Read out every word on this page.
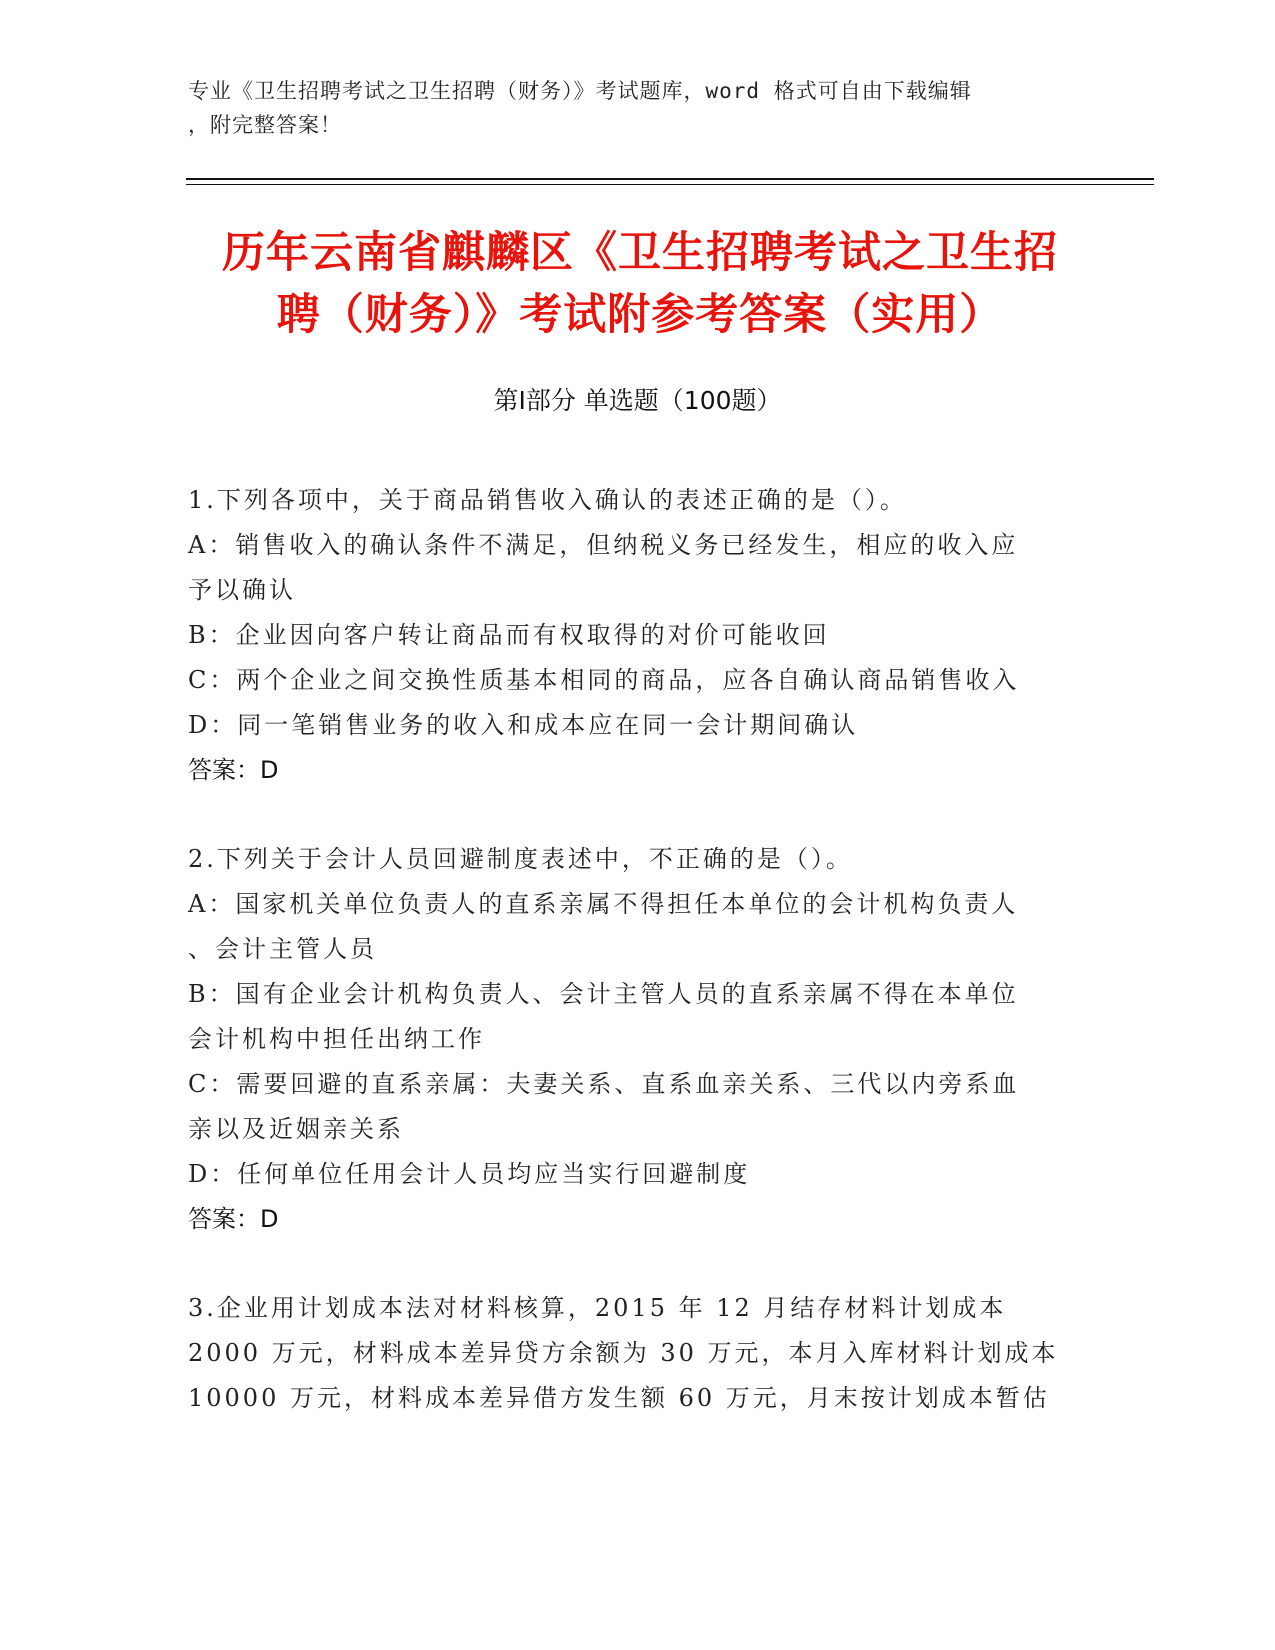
专业《卫生招聘考试之卫生招聘（财务）》考试题库，word 格式可自由下载编辑
，附完整答案！
历年云南省麒麟区《卫生招聘考试之卫生招
聘（财务）》考试附参考答案（实用）
第Ⅰ部分 单选题（100题）
1.下列各项中，关于商品销售收入确认的表述正确的是（）。
A：销售收入的确认条件不满足，但纳税义务已经发生，相应的收入应
予以确认
B：企业因向客户转让商品而有权取得的对价可能收回
C：两个企业之间交换性质基本相同的商品，应各自确认商品销售收入
D：同一笔销售业务的收入和成本应在同一会计期间确认
答案：D
2.下列关于会计人员回避制度表述中，不正确的是（）。
A：国家机关单位负责人的直系亲属不得担任本单位的会计机构负责人
、会计主管人员
B：国有企业会计机构负责人、会计主管人员的直系亲属不得在本单位
会计机构中担任出纳工作
C：需要回避的直系亲属：夫妻关系、直系血亲关系、三代以内旁系血
亲以及近姻亲关系
D：任何单位任用会计人员均应当实行回避制度
答案：D
3.企业用计划成本法对材料核算，2015 年 12 月结存材料计划成本
2000 万元，材料成本差异贷方余额为 30 万元，本月入库材料计划成本
10000 万元，材料成本差异借方发生额 60 万元，月末按计划成本暂估
